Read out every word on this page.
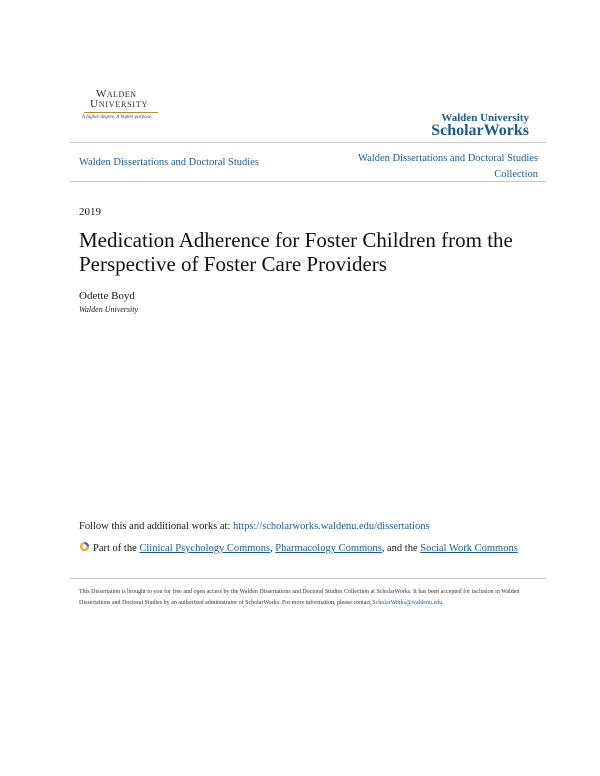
Walden
University
A higher degree. A higher purpose.	Walden University
ScholarWorks
Walden Dissertations and Doctoral Studies	Walden Dissertations and Doctoral Studies
Collection
2019
Medication Adherence for Foster Children from the Perspective of Foster Care Providers
Odette Boyd
Walden University
Follow this and additional works at: https://scholarworks.waldenu.edu/dissertations
Part of the Clinical Psychology Commons, Pharmacology Commons, and the Social Work Commons
This Dissertation is brought to you for free and open access by the Walden Dissertations and Doctoral Studies Collection at ScholarWorks. It has been accepted for inclusion in Walden Dissertations and Doctoral Studies by an authorized administrator of ScholarWorks. For more information, please contact ScholarWorks@waldenu.edu.
